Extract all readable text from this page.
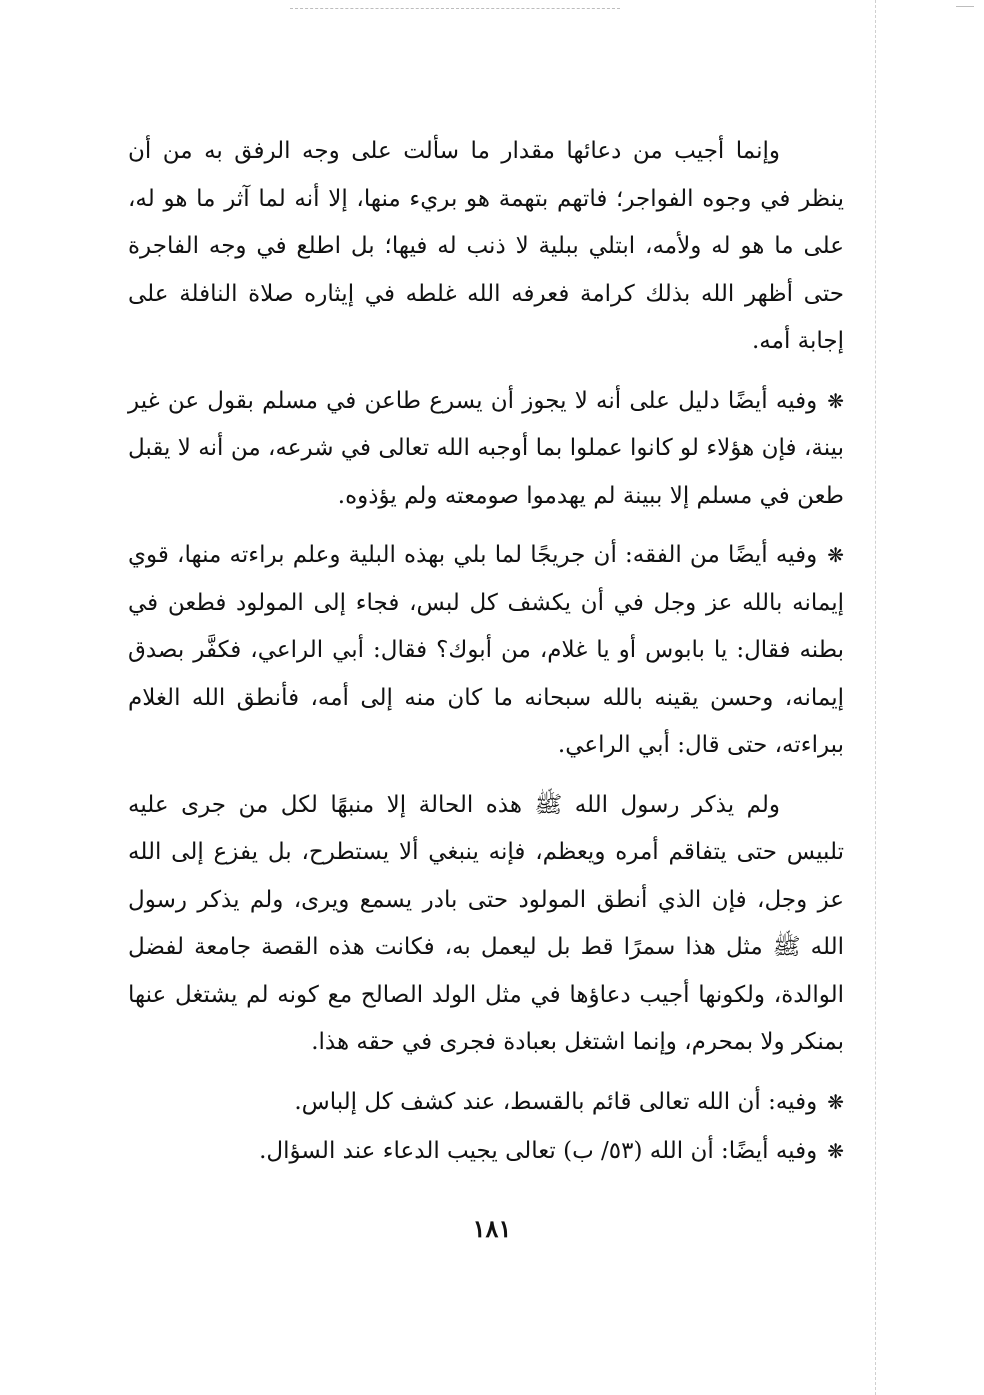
وإنما أجيب من دعائها مقدار ما سألت على وجه الرفق به من أن ينظر في وجوه الفواجر؛ فاتهم بتهمة هو بريء منها، إلا أنه لما آثر ما هو له، على ما هو له ولأمه، ابتلي ببلية لا ذنب له فيها؛ بل اطلع في وجه الفاجرة حتى أظهر الله بذلك كرامة فعرفه الله غلطه في إيثاره صلاة النافلة على إجابة أمه.

❋وفيه أيضًا دليل على أنه لا يجوز أن يسرع طاعن في مسلم بقول عن غير بينة، فإن هؤلاء لو كانوا عملوا بما أوجبه الله تعالى في شرعه، من أنه لا يقبل طعن في مسلم إلا ببينة لم يهدموا صومعته ولم يؤذوه.

❋وفيه أيضًا من الفقه: أن جريجًا لما بلي بهذه البلية وعلم براءته منها، قوي إيمانه بالله عز وجل في أن يكشف كل لبس، فجاء إلى المولود فطعن في بطنه فقال: يا بابوس أو يا غلام، من أبوك؟ فقال: أبي الراعي، فكفَّر بصدق إيمانه، وحسن يقينه بالله سبحانه ما كان منه إلى أمه، فأنطق الله الغلام ببراءته، حتى قال: أبي الراعي.

ولم يذكر رسول الله ﷺ هذه الحالة إلا منبهًا لكل من جرى عليه تلبيس حتى يتفاقم أمره ويعظم، فإنه ينبغي ألا يستطرح، بل يفزع إلى الله عز وجل، فإن الذي أنطق المولود حتى بادر يسمع ويرى، ولم يذكر رسول الله ﷺ مثل هذا سمرًا قط بل ليعمل به، فكانت هذه القصة جامعة لفضل الوالدة، ولكونها أجيب دعاؤها في مثل الولد الصالح مع كونه لم يشتغل عنها بمنكر ولا بمحرم، وإنما اشتغل بعبادة فجرى في حقه هذا.

❋وفيه: أن الله تعالى قائم بالقسط، عند كشف كل إلباس.

❋وفيه أيضًا: أن الله (٥٣/ ب) تعالى يجيب الدعاء عند السؤال.

١٨١
